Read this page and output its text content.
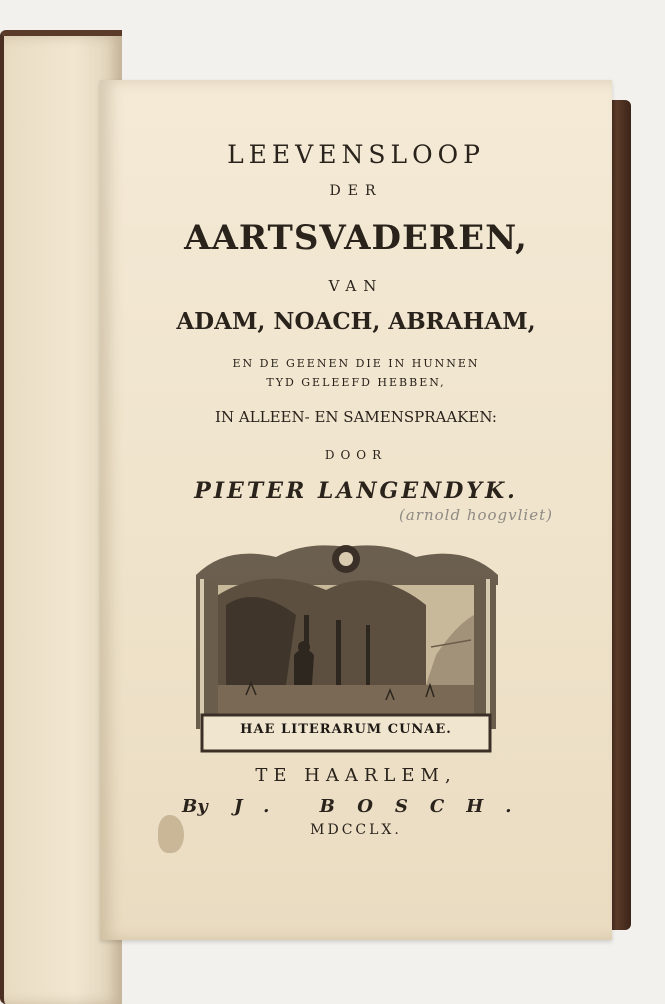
LEEVENSLOOP

DER

AARTSVADEREN,

VAN

ADAM, NOACH, ABRAHAM,

EN DE GEENEN DIE IN HUNNEN

TYD GELEEFD HEBBEN,

IN ALLEEN- EN SAMENSPRAAKEN:

DOOR

PIETER LANGENDYK.

(arnold hoogvliet)

HAE LITERARUM CUNAE.

TE HAARLEM,

By J. BOSCH.

MDCCLX.
